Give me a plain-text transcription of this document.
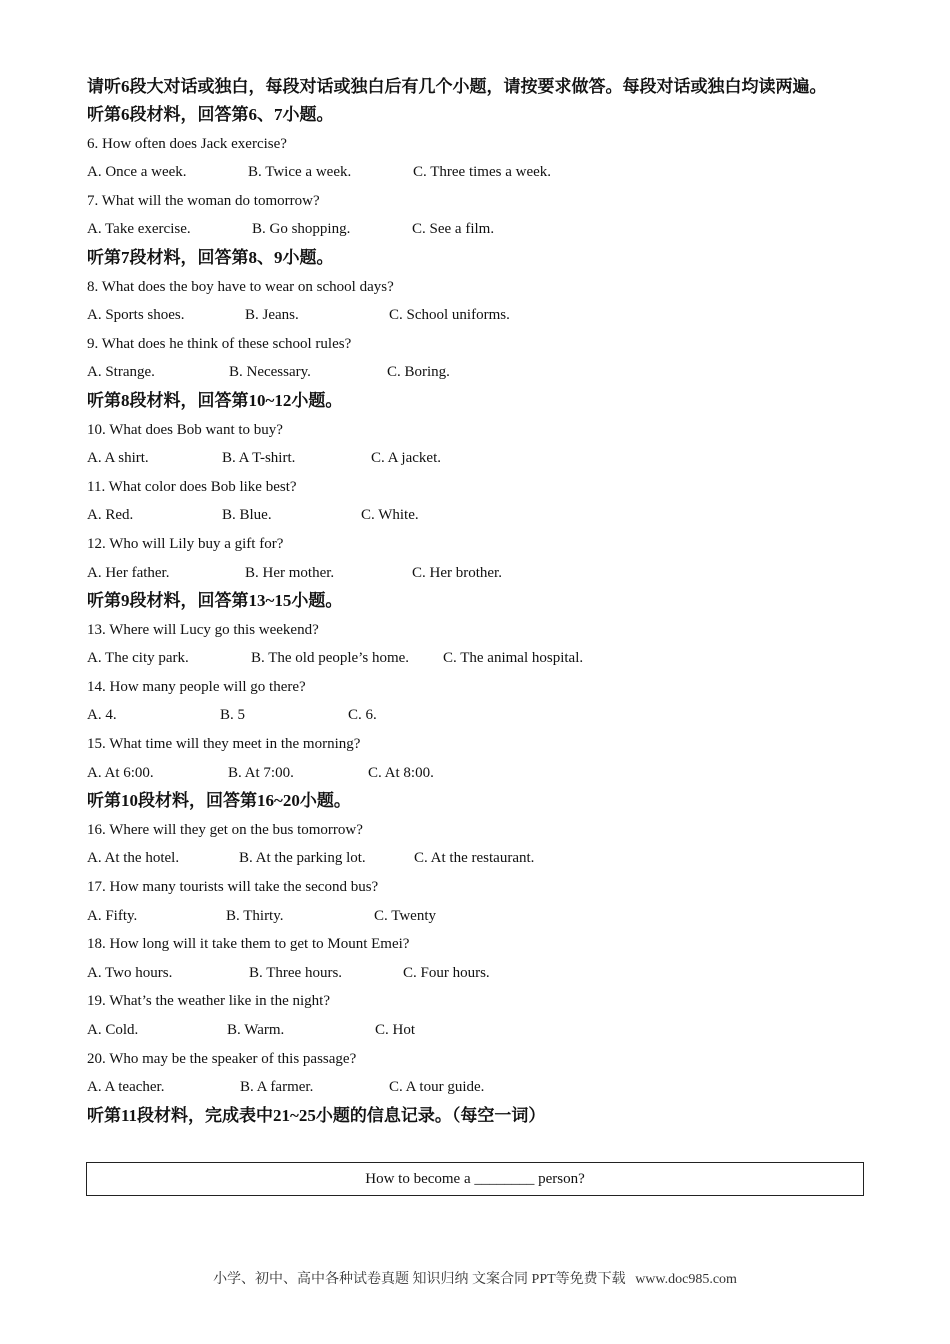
请听6段大对话或独白，每段对话或独白后有几个小题，请按要求做答。每段对话或独白均读两遍。

听第6段材料，回答第6、7小题。
6. How often does Jack exercise?
A. Once a week.	B. Twice a week.	C. Three times a week.
7. What will the woman do tomorrow?
A. Take exercise.	B. Go shopping.	C. See a film.
听第7段材料，回答第8、9小题。
8. What does the boy have to wear on school days?
A. Sports shoes.	B. Jeans.	C. School uniforms.
9. What does he think of these school rules?
A. Strange.	B. Necessary.	C. Boring.
听第8段材料，回答第10~12小题。
10. What does Bob want to buy?
A. A shirt.	B. A T-shirt.	C. A jacket.
11. What color does Bob like best?
A. Red.	B. Blue.	C. White.
12. Who will Lily buy a gift for?
A. Her father.	B. Her mother.	C. Her brother.
听第9段材料，回答第13~15小题。
13. Where will Lucy go this weekend?
A. The city park.	B. The old people’s home. C. The animal hospital.
14. How many people will go there?
A. 4.	B. 5	C. 6.
15. What time will they meet in the morning?
A. At 6:00.	B. At 7:00.	C. At 8:00.
听第10段材料，回答第16~20小题。
16. Where will they get on the bus tomorrow?
A. At the hotel.	B. At the parking lot.	C. At the restaurant.
17. How many tourists will take the second bus?
A. Fifty.	B. Thirty.	C. Twenty
18. How long will it take them to get to Mount Emei?
A. Two hours.	B. Three hours.	C. Four hours.
19. What’s the weather like in the night?
A. Cold.	B. Warm.	C. Hot
20. Who may be the speaker of this passage?
A. A teacher.	B. A farmer.	C. A tour guide.
听第11段材料，完成表中21~25小题的信息记录。（每空一词）
How to become a ________ person?
小学、初中、高中各种试卷真题 知识归纳 文案合同 PPT等免费下载 www.doc985.com
